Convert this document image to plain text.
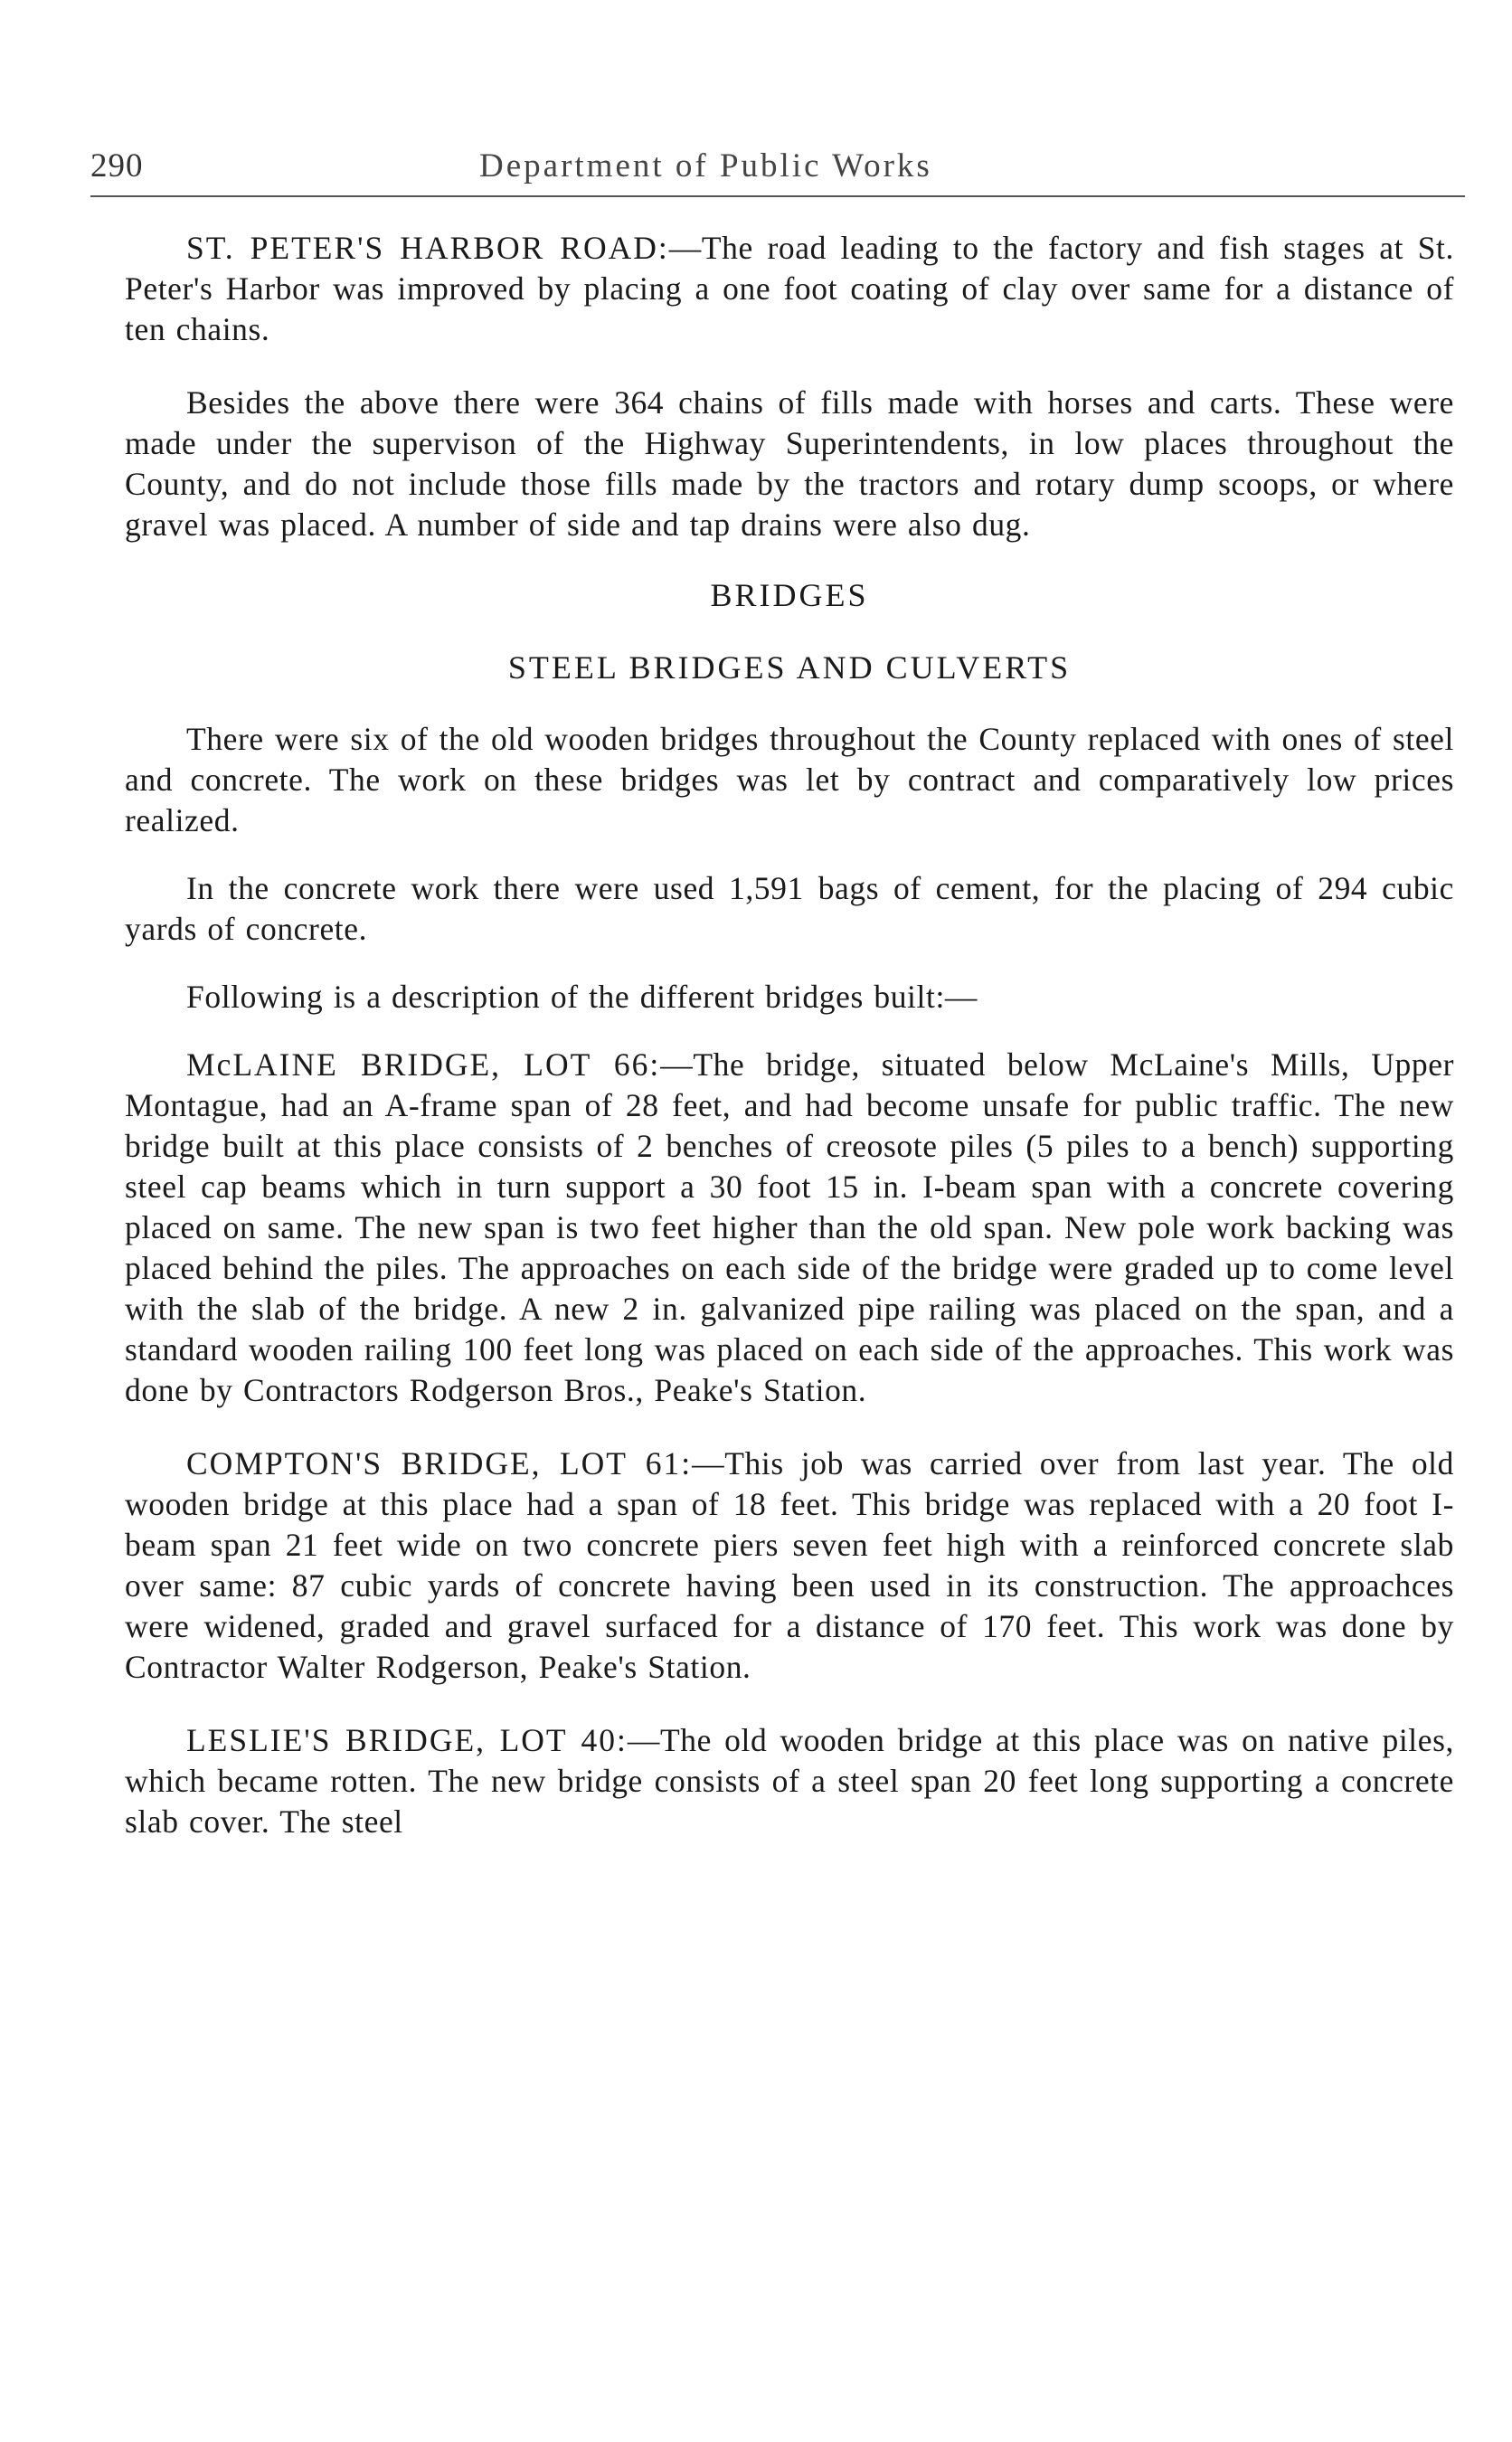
290	Department of Public Works

ST. PETER'S HARBOR ROAD:—The road leading to the factory and fish stages at St. Peter's Harbor was improved by placing a one foot coating of clay over same for a distance of ten chains.

Besides the above there were 364 chains of fills made with horses and carts. These were made under the supervison of the Highway Superintendents, in low places throughout the County, and do not include those fills made by the tractors and rotary dump scoops, or where gravel was placed. A number of side and tap drains were also dug.

BRIDGES
STEEL BRIDGES AND CULVERTS

There were six of the old wooden bridges throughout the County replaced with ones of steel and concrete. The work on these bridges was let by contract and comparatively low prices realized.

In the concrete work there were used 1,591 bags of cement, for the placing of 294 cubic yards of concrete.

Following is a description of the different bridges built:—

McLAINE BRIDGE, LOT 66:—The bridge, situated below McLaine's Mills, Upper Montague, had an A-frame span of 28 feet, and had become unsafe for public traffic. The new bridge built at this place consists of 2 benches of creosote piles (5 piles to a bench) supporting steel cap beams which in turn support a 30 foot 15 in. I-beam span with a concrete covering placed on same. The new span is two feet higher than the old span. New pole work backing was placed behind the piles. The approaches on each side of the bridge were graded up to come level with the slab of the bridge. A new 2 in. galvanized pipe railing was placed on the span, and a standard wooden railing 100 feet long was placed on each side of the approaches. This work was done by Contractors Rodgerson Bros., Peake's Station.

COMPTON'S BRIDGE, LOT 61:—This job was carried over from last year. The old wooden bridge at this place had a span of 18 feet. This bridge was replaced with a 20 foot I-beam span 21 feet wide on two concrete piers seven feet high with a reinforced concrete slab over same: 87 cubic yards of concrete having been used in its construction. The approachces were widened, graded and gravel surfaced for a distance of 170 feet. This work was done by Contractor Walter Rodgerson, Peake's Station.

LESLIE'S BRIDGE, LOT 40:—The old wooden bridge at this place was on native piles, which became rotten. The new bridge consists of a steel span 20 feet long supporting a concrete slab cover. The steel
